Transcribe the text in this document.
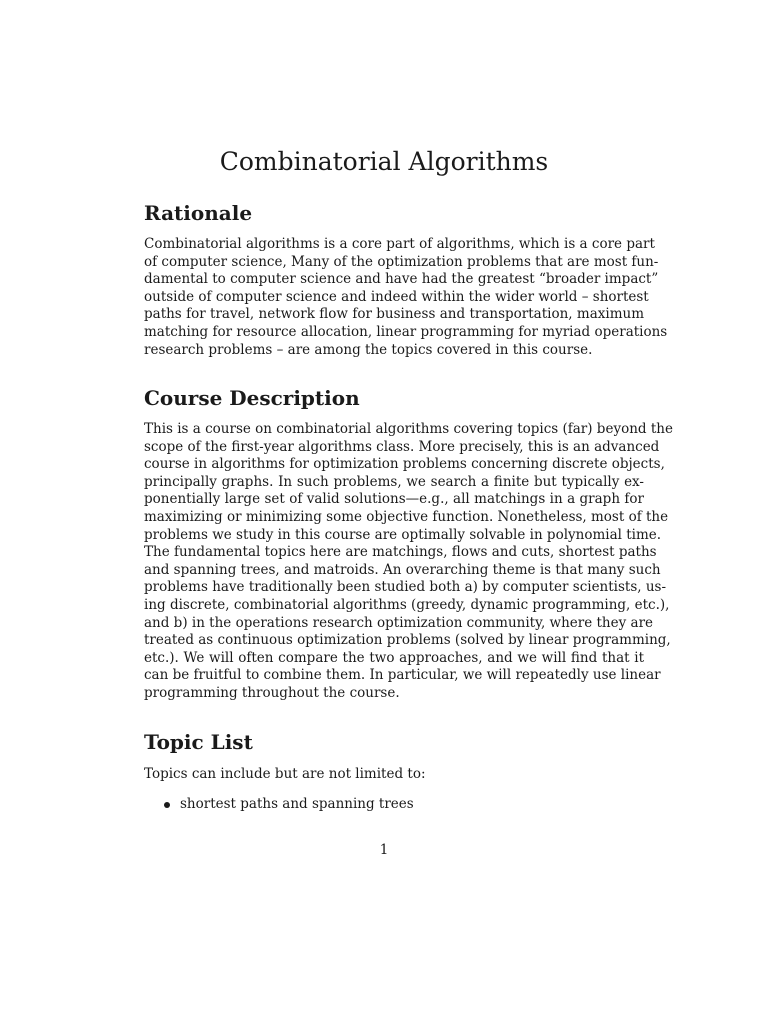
Combinatorial Algorithms
Rationale
Combinatorial algorithms is a core part of algorithms, which is a core part
of computer science, Many of the optimization problems that are most fun-
damental to computer science and have had the greatest “broader impact”
outside of computer science and indeed within the wider world – shortest
paths for travel, network flow for business and transportation, maximum
matching for resource allocation, linear programming for myriad operations
research problems – are among the topics covered in this course.
Course Description
This is a course on combinatorial algorithms covering topics (far) beyond the
scope of the first-year algorithms class. More precisely, this is an advanced
course in algorithms for optimization problems concerning discrete objects,
principally graphs. In such problems, we search a finite but typically ex-
ponentially large set of valid solutions—e.g., all matchings in a graph for
maximizing or minimizing some objective function. Nonetheless, most of the
problems we study in this course are optimally solvable in polynomial time.
The fundamental topics here are matchings, flows and cuts, shortest paths
and spanning trees, and matroids. An overarching theme is that many such
problems have traditionally been studied both a) by computer scientists, us-
ing discrete, combinatorial algorithms (greedy, dynamic programming, etc.),
and b) in the operations research optimization community, where they are
treated as continuous optimization problems (solved by linear programming,
etc.). We will often compare the two approaches, and we will find that it
can be fruitful to combine them. In particular, we will repeatedly use linear
programming throughout the course.
Topic List
Topics can include but are not limited to:
shortest paths and spanning trees
1
